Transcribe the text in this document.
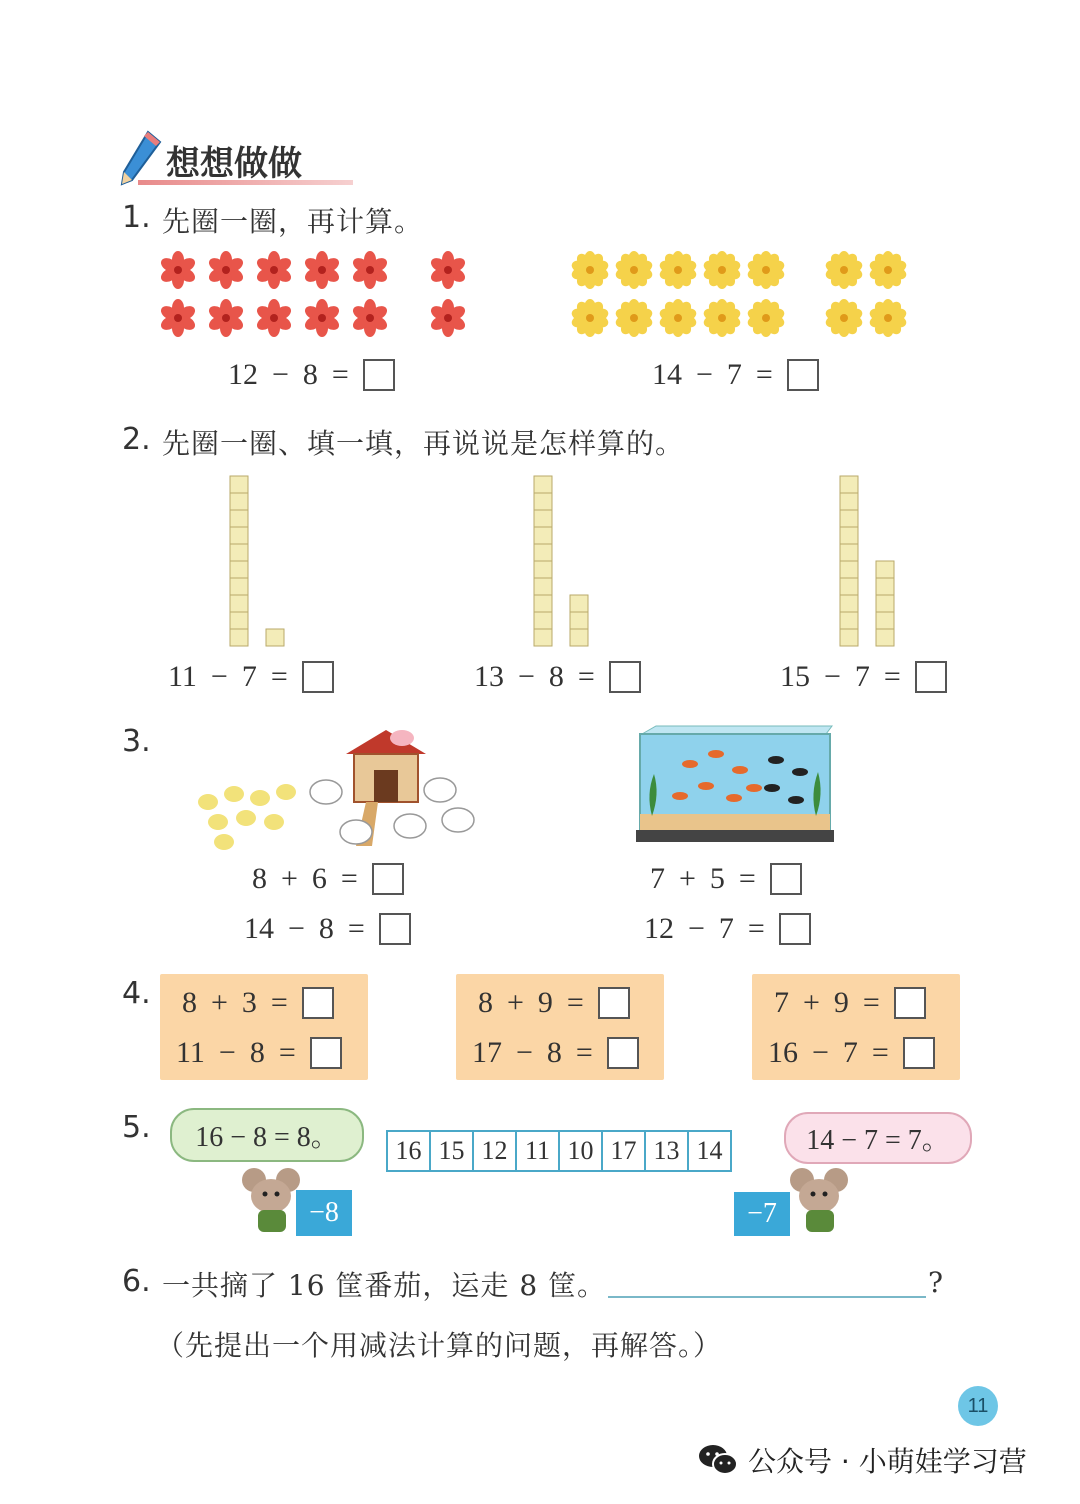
想想做做
1. 先圈一圈，再计算。
12 − 8 =	14 − 7 =
2. 先圈一圈、填一填，再说说是怎样算的。
11 − 7 =	13 − 8 =	15 − 7 =
3.
8 + 6 =
14 − 8 =
7 + 5 =
12 − 7 =
4. 8 + 3 =
11 − 8 =
8 + 9 =
17 − 8 =
7 + 9 =
16 − 7 =
5.	16 − 8 = 8。	14 − 7 = 7。
16 15 12 11 10 17 13 14
−8	−7
6. 一共摘了 16 筐番茄，运走 8 筐。	?
（先提出一个用减法计算的问题，再解答。）
11
公众号 · 小萌娃学习营
